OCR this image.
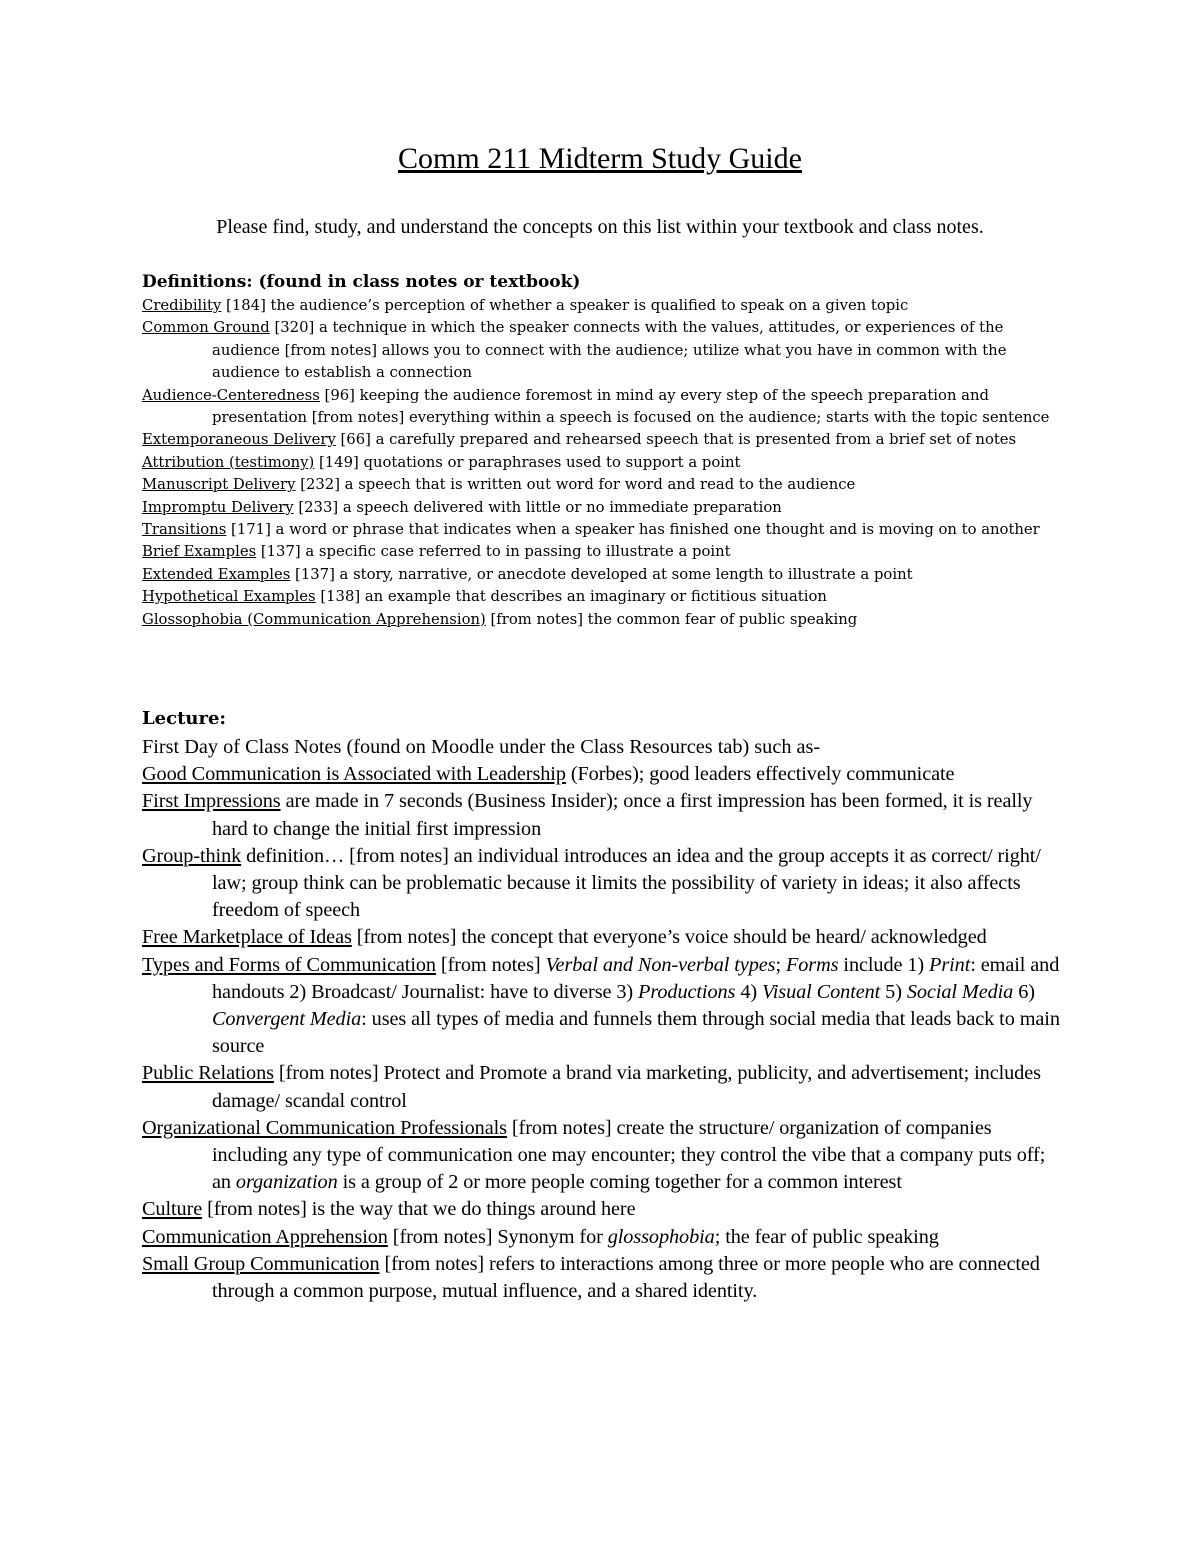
Comm 211 Midterm Study Guide
Please find, study, and understand the concepts on this list within your textbook and class notes.
Definitions: (found in class notes or textbook)
Credibility [184] the audience’s perception of whether a speaker is qualified to speak on a given topic
Common Ground [320] a technique in which the speaker connects with the values, attitudes, or experiences of the audience [from notes] allows you to connect with the audience; utilize what you have in common with the audience to establish a connection
Audience-Centeredness [96] keeping the audience foremost in mind ay every step of the speech preparation and presentation [from notes] everything within a speech is focused on the audience; starts with the topic sentence
Extemporaneous Delivery [66] a carefully prepared and rehearsed speech that is presented from a brief set of notes
Attribution (testimony) [149] quotations or paraphrases used to support a point
Manuscript Delivery [232] a speech that is written out word for word and read to the audience
Impromptu Delivery [233] a speech delivered with little or no immediate preparation
Transitions [171] a word or phrase that indicates when a speaker has finished one thought and is moving on to another
Brief Examples [137] a specific case referred to in passing to illustrate a point
Extended Examples [137] a story, narrative, or anecdote developed at some length to illustrate a point
Hypothetical Examples [138] an example that describes an imaginary or fictitious situation
Glossophobia (Communication Apprehension) [from notes] the common fear of public speaking
Lecture:
First Day of Class Notes (found on Moodle under the Class Resources tab) such as-
Good Communication is Associated with Leadership (Forbes); good leaders effectively communicate
First Impressions are made in 7 seconds (Business Insider); once a first impression has been formed, it is really hard to change the initial first impression
Group-think definition… [from notes] an individual introduces an idea and the group accepts it as correct/ right/ law; group think can be problematic because it limits the possibility of variety in ideas; it also affects freedom of speech
Free Marketplace of Ideas [from notes] the concept that everyone’s voice should be heard/ acknowledged
Types and Forms of Communication [from notes] Verbal and Non-verbal types; Forms include 1) Print: email and handouts 2) Broadcast/ Journalist: have to diverse 3) Productions 4) Visual Content 5) Social Media 6) Convergent Media: uses all types of media and funnels them through social media that leads back to main source
Public Relations [from notes] Protect and Promote a brand via marketing, publicity, and advertisement; includes damage/ scandal control
Organizational Communication Professionals [from notes] create the structure/ organization of companies including any type of communication one may encounter; they control the vibe that a company puts off; an organization is a group of 2 or more people coming together for a common interest
Culture [from notes] is the way that we do things around here
Communication Apprehension [from notes] Synonym for glossophobia; the fear of public speaking
Small Group Communication [from notes] refers to interactions among three or more people who are connected through a common purpose, mutual influence, and a shared identity.
